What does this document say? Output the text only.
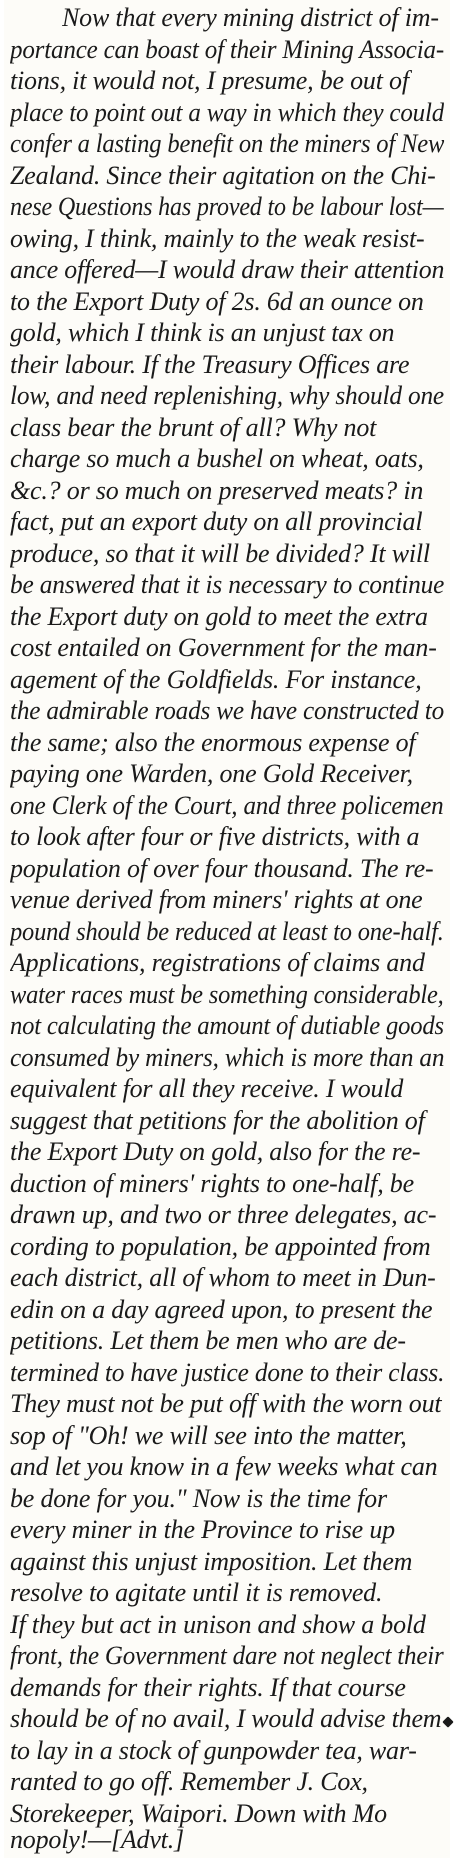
Now that every mining district of im-
portance can boast of their Mining Associa-
tions, it would not, I presume, be out of
place to point out a way in which they could
confer a lasting benefit on the miners of New
Zealand. Since their agitation on the Chi-
nese Questions has proved to be labour lost—
owing, I think, mainly to the weak resist-
ance offered—I would draw their attention
to the Export Duty of 2s. 6d an ounce on
gold, which I think is an unjust tax on
their labour. If the Treasury Offices are
low, and need replenishing, why should one
class bear the brunt of all? Why not
charge so much a bushel on wheat, oats,
&c.? or so much on preserved meats? in
fact, put an export duty on all provincial
produce, so that it will be divided? It will
be answered that it is necessary to continue
the Export duty on gold to meet the extra
cost entailed on Government for the man-
agement of the Goldfields. For instance,
the admirable roads we have constructed to
the same; also the enormous expense of
paying one Warden, one Gold Receiver,
one Clerk of the Court, and three policemen
to look after four or five districts, with a
population of over four thousand. The re-
venue derived from miners' rights at one
pound should be reduced at least to one-half.
Applications, registrations of claims and
water races must be something considerable,
not calculating the amount of dutiable goods
consumed by miners, which is more than an
equivalent for all they receive. I would
suggest that petitions for the abolition of
the Export Duty on gold, also for the re-
duction of miners' rights to one-half, be
drawn up, and two or three delegates, ac-
cording to population, be appointed from
each district, all of whom to meet in Dun-
edin on a day agreed upon, to present the
petitions. Let them be men who are de-
termined to have justice done to their class.
They must not be put off with the worn out
sop of "Oh! we will see into the matter,
and let you know in a few weeks what can
be done for you." Now is the time for
every miner in the Province to rise up
against this unjust imposition. Let them
resolve to agitate until it is removed.
If they but act in unison and show a bold
front, the Government dare not neglect their
demands for their rights. If that course
should be of no avail, I would advise them
to lay in a stock of gunpowder tea, war-
ranted to go off. Remember J. Cox,
Storekeeper, Waipori. Down with Mo
nopoly!—[Advt.]
